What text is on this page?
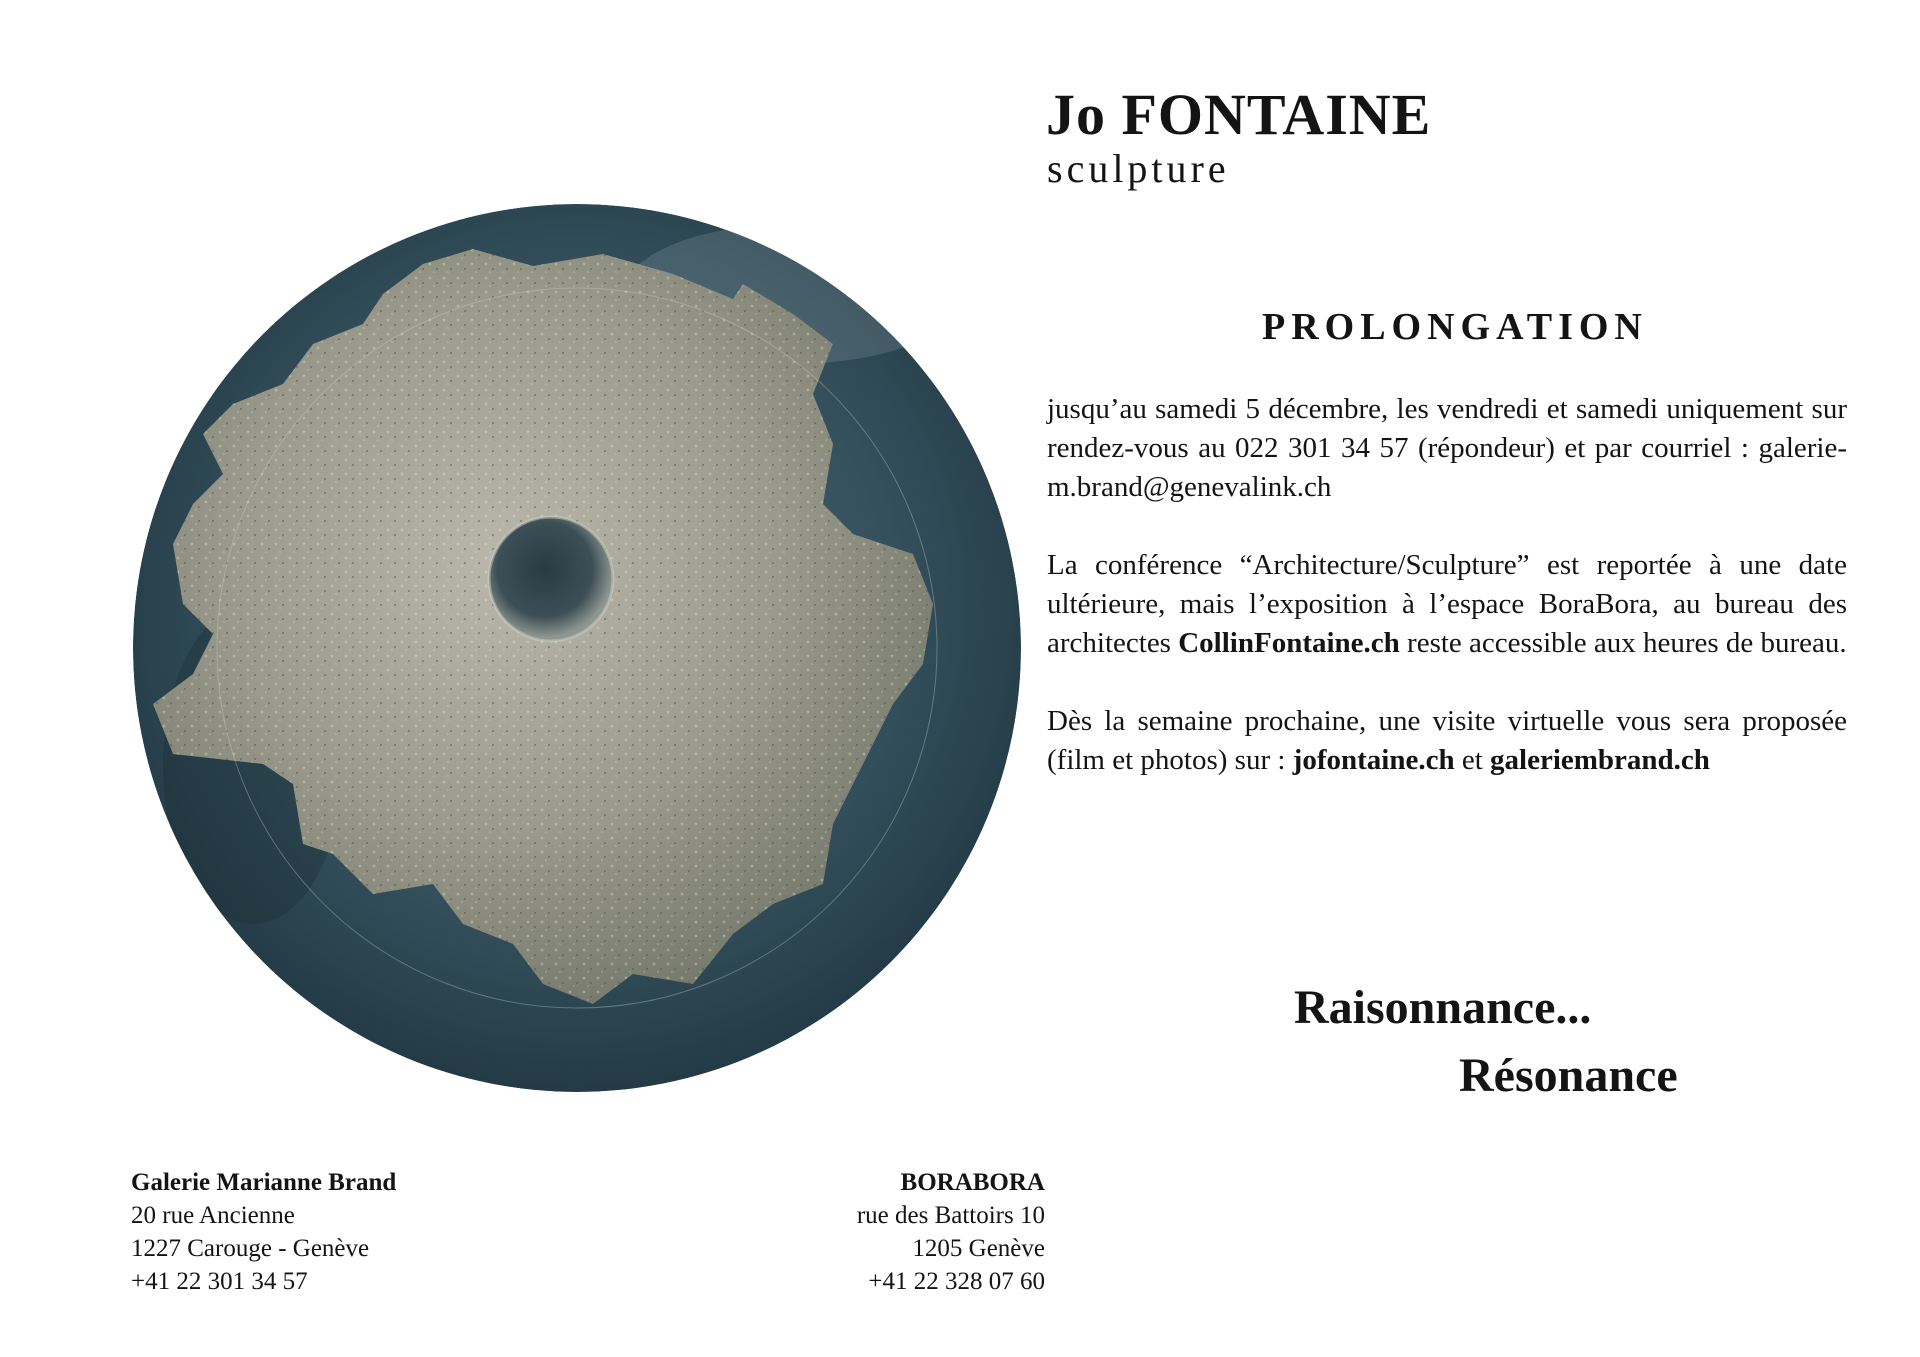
Jo FONTAINE
sculpture
PROLONGATION

jusqu’au samedi 5 décembre, les vendredi et samedi uniquement sur rendez-vous au 022 301 34 57 (répondeur) et par courriel : galerie-m.brand@genevalink.ch

La conférence “Architecture/Sculpture” est reportée à une date ultérieure, mais l’exposition à l’espace BoraBora, au bureau des architectes CollinFontaine.ch reste accessible aux heures de bureau.

Dès la semaine prochaine, une visite virtuelle vous sera proposée (film et photos) sur : jofontaine.ch et galeriembrand.ch

Raisonnance...
Résonance
Galerie Marianne Brand
20 rue Ancienne
1227 Carouge - Genève
+41 22 301 34 57
BORABORA
rue des Battoirs 10
1205 Genève
+41 22 328 07 60
